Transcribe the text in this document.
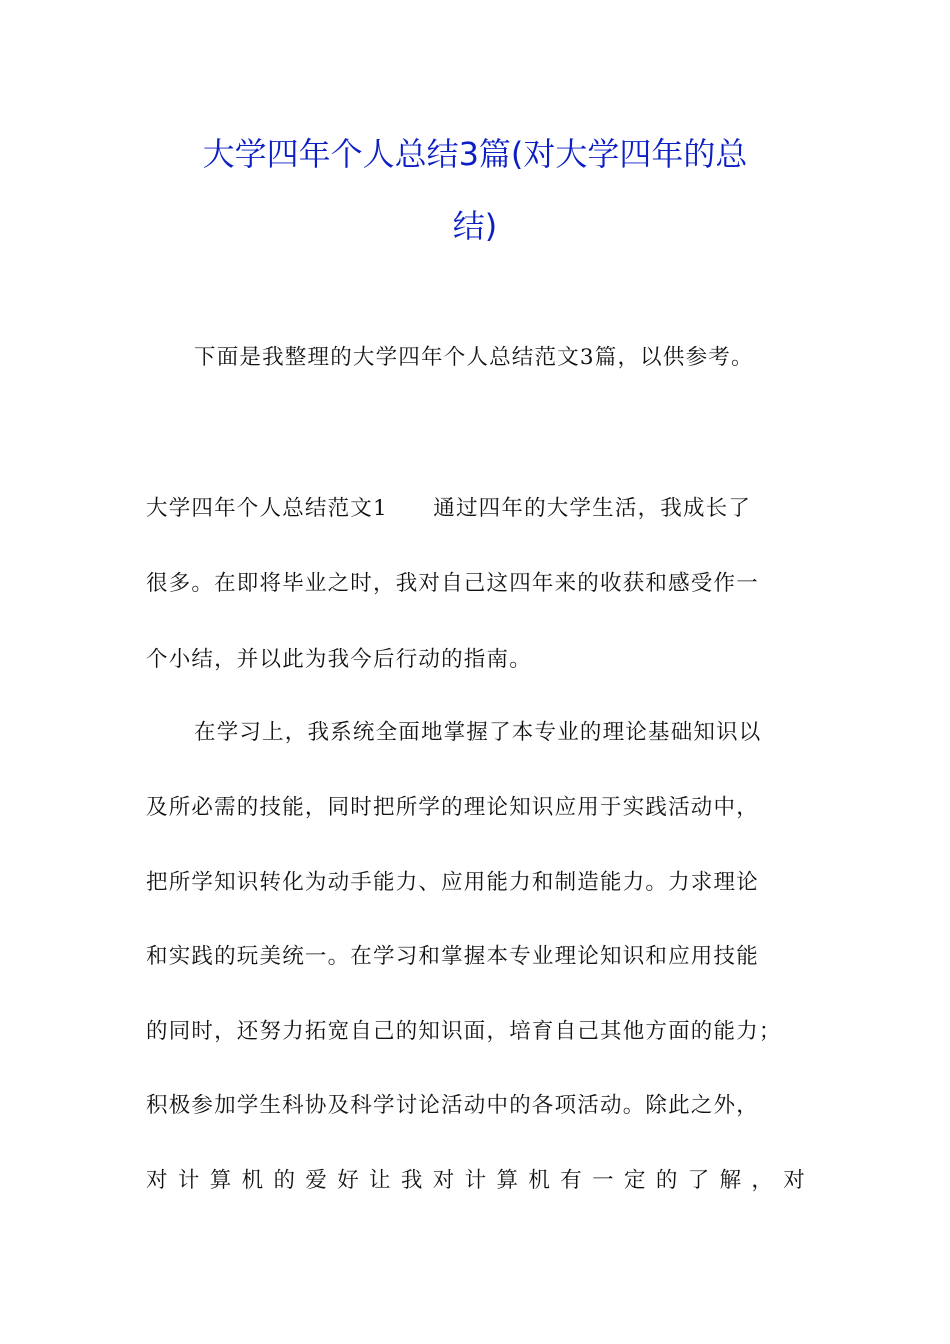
大学四年个人总结3篇(对大学四年的总
结)
下面是我整理的大学四年个人总结范文3篇，以供参考。
大学四年个人总结范文1　　通过四年的大学生活，我成长了
很多。在即将毕业之时，我对自己这四年来的收获和感受作一
个小结，并以此为我今后行动的指南。
在学习上，我系统全面地掌握了本专业的理论基础知识以
及所必需的技能，同时把所学的理论知识应用于实践活动中，
把所学知识转化为动手能力、应用能力和制造能力。力求理论
和实践的玩美统一。在学习和掌握本专业理论知识和应用技能
的同时，还努力拓宽自己的知识面，培育自己其他方面的能力；
积极参加学生科协及科学讨论活动中的各项活动。除此之外，
对计算机的爱好让我对计算机有一定的了解，对
